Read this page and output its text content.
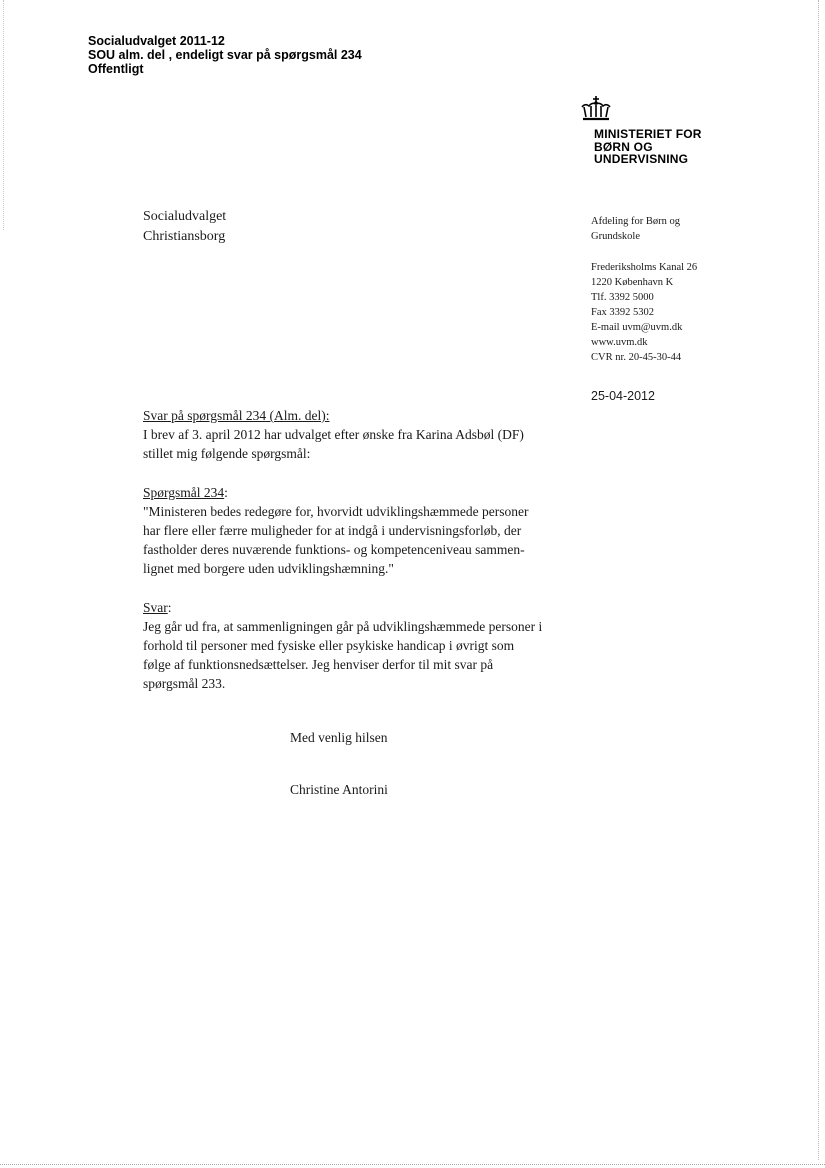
Socialudvalget 2011-12
SOU alm. del , endeligt svar på spørgsmål 234
Offentligt
MINISTERIET FOR
BØRN OG
UNDERVISNING
Socialudvalget
Christiansborg
Afdeling for Børn og
Grundskole
Frederiksholms Kanal 26
1220 København K
Tlf. 3392 5000
Fax 3392 5302
E-mail uvm@uvm.dk
www.uvm.dk
CVR nr. 20-45-30-44
25-04-2012
Svar på spørgsmål 234 (Alm. del):
I brev af 3. april 2012 har udvalget efter ønske fra Karina Adsbøl (DF)
stillet mig følgende spørgsmål:
Spørgsmål 234:
"Ministeren bedes redegøre for, hvorvidt udviklingshæmmede personer
har flere eller færre muligheder for at indgå i undervisningsforløb, der
fastholder deres nuværende funktions- og kompetenceniveau sammen-
lignet med borgere uden udviklingshæmning."
Svar:
Jeg går ud fra, at sammenligningen går på udviklingshæmmede personer i
forhold til personer med fysiske eller psykiske handicap i øvrigt som
følge af funktionsnedsættelser. Jeg henviser derfor til mit svar på
spørgsmål 233.
Med venlig hilsen
Christine Antorini
